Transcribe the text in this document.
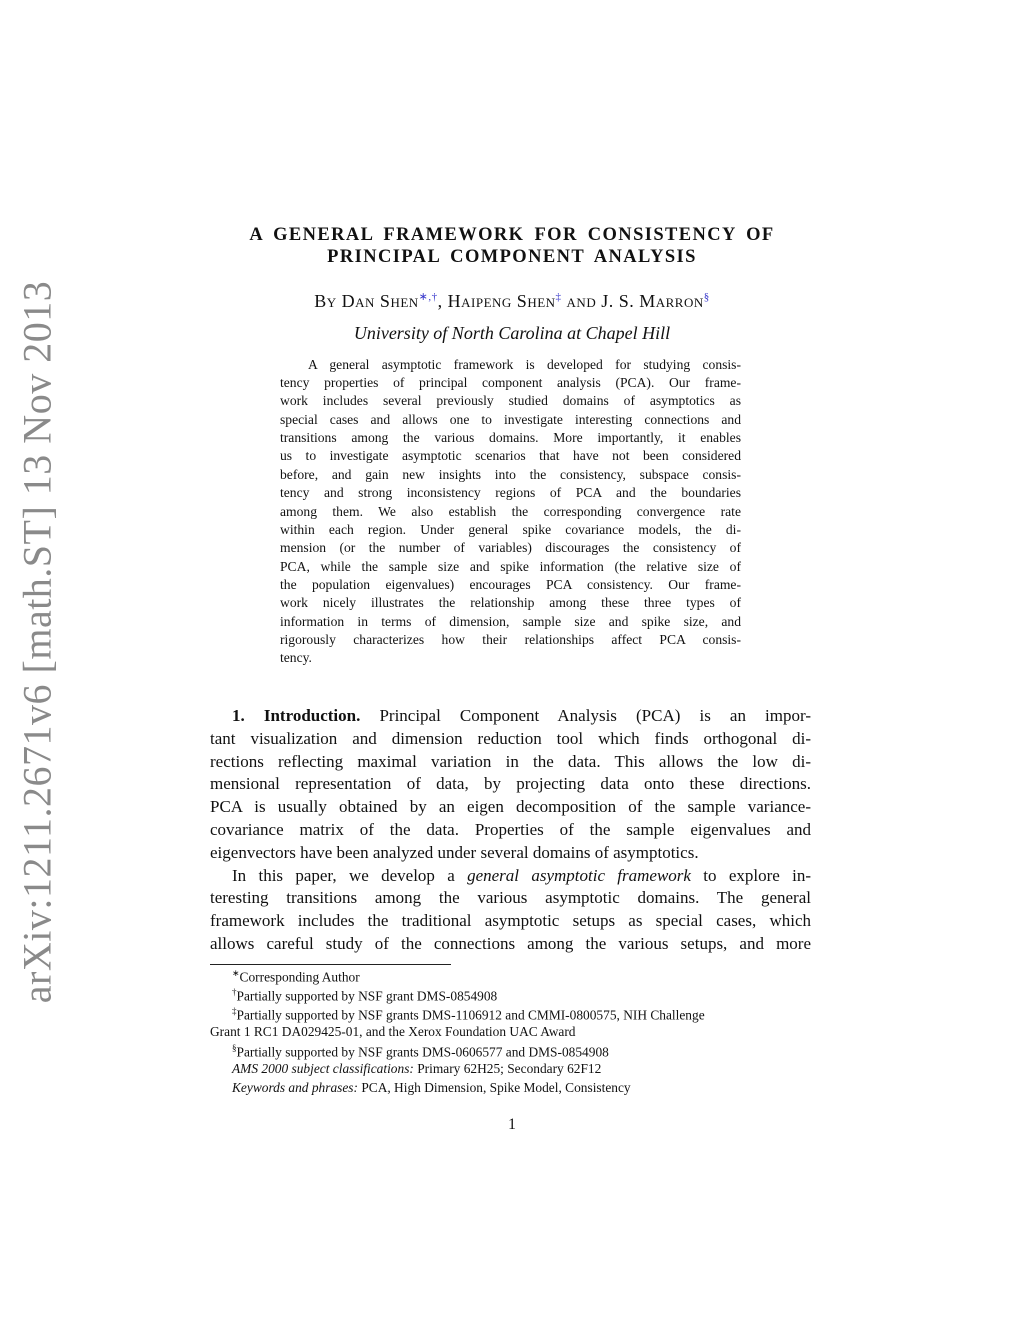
arXiv:1211.2671v6 [math.ST] 13 Nov 2013
A GENERAL FRAMEWORK FOR CONSISTENCY OF
PRINCIPAL COMPONENT ANALYSIS
By Dan Shen∗,†, Haipeng Shen‡ and J. S. Marron§
University of North Carolina at Chapel Hill
A general asymptotic framework is developed for studying consis-
tency properties of principal component analysis (PCA). Our frame-
work includes several previously studied domains of asymptotics as
special cases and allows one to investigate interesting connections and
transitions among the various domains. More importantly, it enables
us to investigate asymptotic scenarios that have not been considered
before, and gain new insights into the consistency, subspace consis-
tency and strong inconsistency regions of PCA and the boundaries
among them. We also establish the corresponding convergence rate
within each region. Under general spike covariance models, the di-
mension (or the number of variables) discourages the consistency of
PCA, while the sample size and spike information (the relative size of
the population eigenvalues) encourages PCA consistency. Our frame-
work nicely illustrates the relationship among these three types of
information in terms of dimension, sample size and spike size, and
rigorously characterizes how their relationships affect PCA consis-
tency.
1. Introduction. Principal Component Analysis (PCA) is an impor-
tant visualization and dimension reduction tool which finds orthogonal di-
rections reflecting maximal variation in the data. This allows the low di-
mensional representation of data, by projecting data onto these directions.
PCA is usually obtained by an eigen decomposition of the sample variance-
covariance matrix of the data. Properties of the sample eigenvalues and
eigenvectors have been analyzed under several domains of asymptotics.
In this paper, we develop a general asymptotic framework to explore in-
teresting transitions among the various asymptotic domains. The general
framework includes the traditional asymptotic setups as special cases, which
allows careful study of the connections among the various setups, and more
∗Corresponding Author
†Partially supported by NSF grant DMS-0854908
‡Partially supported by NSF grants DMS-1106912 and CMMI-0800575, NIH Challenge
Grant 1 RC1 DA029425-01, and the Xerox Foundation UAC Award
§Partially supported by NSF grants DMS-0606577 and DMS-0854908
AMS 2000 subject classifications: Primary 62H25; Secondary 62F12
Keywords and phrases: PCA, High Dimension, Spike Model, Consistency
1
